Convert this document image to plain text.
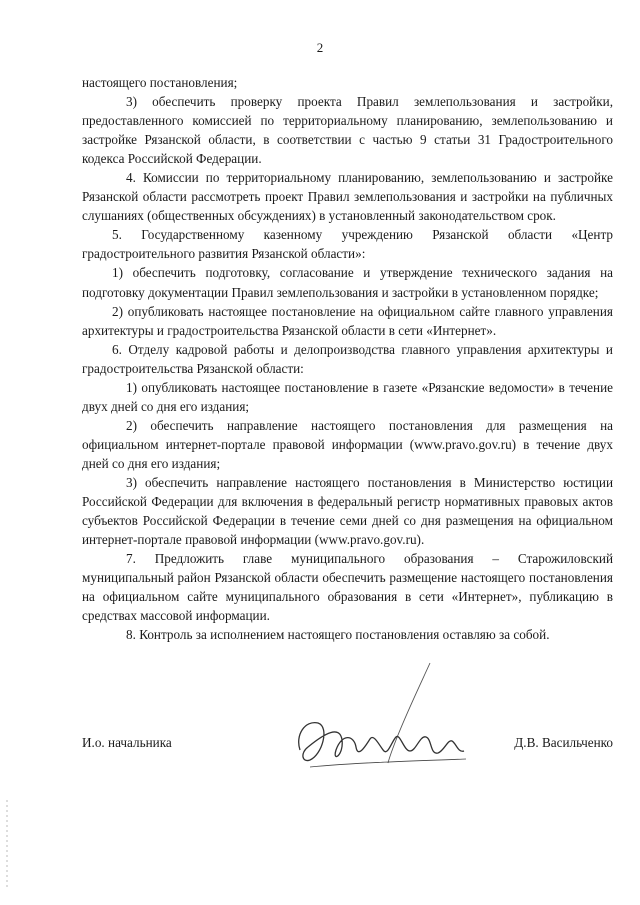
2

настоящего постановления;

3) обеспечить проверку проекта Правил землепользования и застройки, предоставленного комиссией по территориальному планированию, землепользованию и застройке Рязанской области, в соответствии с частью 9 статьи 31 Градостроительного кодекса Российской Федерации.

4. Комиссии по территориальному планированию, землепользованию и застройке Рязанской области рассмотреть проект Правил землепользования и застройки на публичных слушаниях (общественных обсуждениях) в установленный законодательством срок.

5. Государственному казенному учреждению Рязанской области «Центр градостроительного развития Рязанской области»:

1) обеспечить подготовку, согласование и утверждение технического задания на подготовку документации Правил землепользования и застройки в установленном порядке;

2) опубликовать настоящее постановление на официальном сайте главного управления архитектуры и градостроительства Рязанской области в сети «Интернет».

6. Отделу кадровой работы и делопроизводства главного управления архитектуры и градостроительства Рязанской области:

1) опубликовать настоящее постановление в газете «Рязанские ведомости» в течение двух дней со дня его издания;

2) обеспечить направление настоящего постановления для размещения на официальном интернет-портале правовой информации (www.pravo.gov.ru) в течение двух дней со дня его издания;

3) обеспечить направление настоящего постановления в Министерство юстиции Российской Федерации для включения в федеральный регистр нормативных правовых актов субъектов Российской Федерации в течение семи дней со дня размещения на официальном интернет-портале правовой информации (www.pravo.gov.ru).

7. Предложить главе муниципального образования – Старожиловский муниципальный район Рязанской области обеспечить размещение настоящего постановления на официальном сайте муниципального образования в сети «Интернет», публикацию в средствах массовой информации.

8. Контроль за исполнением настоящего постановления оставляю за собой.

И.о. начальника	Д.В. Васильченко
